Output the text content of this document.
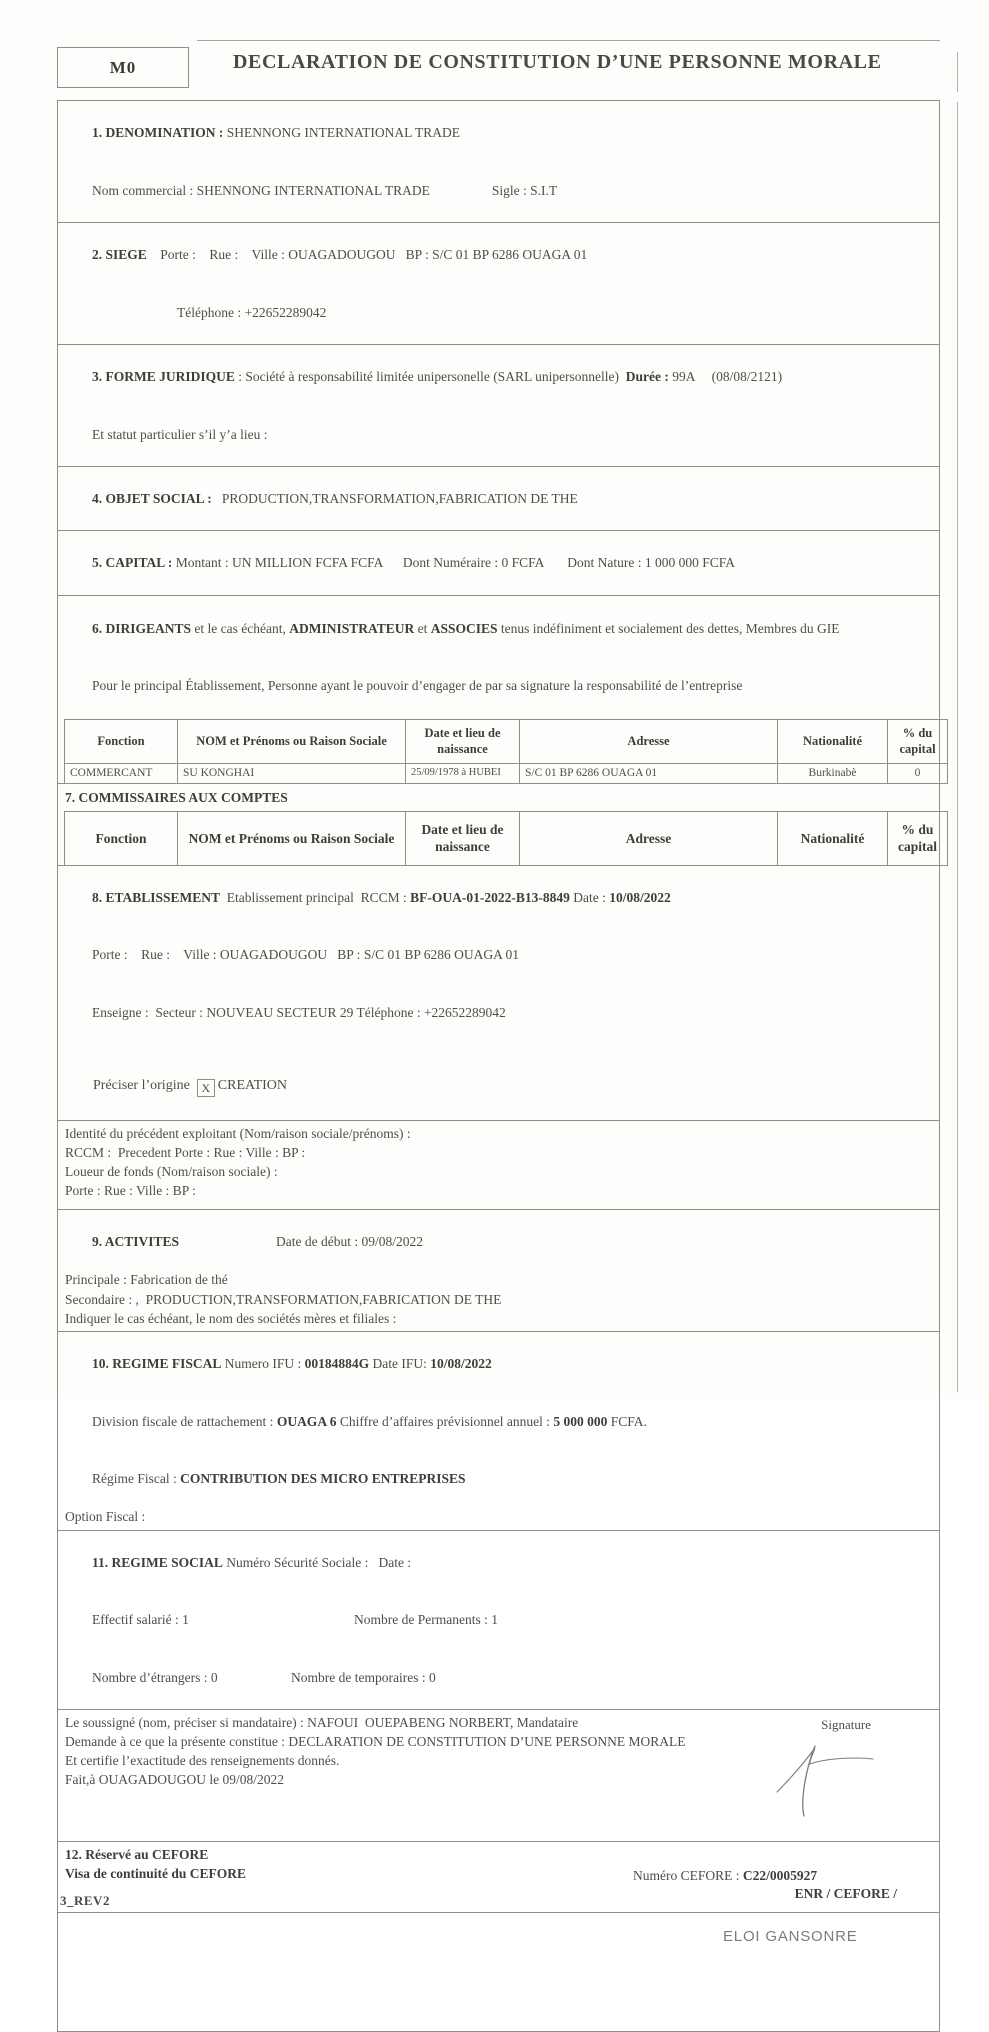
M0	DECLARATION DE CONSTITUTION D’UNE PERSONNE MORALE

1. DENOMINATION : SHENNONG INTERNATIONAL TRADE

Nom commercial : SHENNONG INTERNATIONAL TRADE	Sigle : S.I.T

2. SIEGE    Porte :    Rue :    Ville : OUAGADOUGOU   BP : S/C 01 BP 6286 OUAGA 01

Téléphone : +22652289042

3. FORME JURIDIQUE : Société à responsabilité limitée unipersonelle (SARL unipersonnelle)  Durée : 99A     (08/08/2121)

Et statut particulier s’il y’a lieu :

4. OBJET SOCIAL :   PRODUCTION,TRANSFORMATION,FABRICATION DE THE

5. CAPITAL : Montant : UN MILLION FCFA FCFA      Dont Numéraire : 0 FCFA       Dont Nature : 1 000 000 FCFA

6. DIRIGEANTS et le cas échéant, ADMINISTRATEUR et ASSOCIES tenus indéfiniment et socialement des dettes, Membres du GIE

Pour le principal Établissement, Personne ayant le pouvoir d’engager de par sa signature la responsabilité de l’entreprise

Fonction	NOM et Prénoms ou Raison Sociale	Date et lieu de naissance	Adresse	Nationalité	% du capital
COMMERCANT	SU KONGHAI	25/09/1978 à HUBEI	S/C 01 BP 6286 OUAGA 01	Burkinabè	0
7. COMMISSAIRES AUX COMPTES
Fonction	NOM et Prénoms ou Raison Sociale	Date et lieu de naissance	Adresse	Nationalité	% du capital

8. ETABLISSEMENT  Etablissement principal  RCCM : BF-OUA-01-2022-B13-8849 Date : 10/08/2022

Porte :    Rue :    Ville : OUAGADOUGOU   BP : S/C 01 BP 6286 OUAGA 01

Enseigne :  Secteur : NOUVEAU SECTEUR 29 Téléphone : +22652289042

Préciser l’origine X CREATION

Identité du précédent exploitant (Nom/raison sociale/prénoms) :
RCCM :  Precedent Porte : Rue : Ville : BP :
Loueur de fonds (Nom/raison sociale) :
Porte : Rue : Ville : BP :

9. ACTIVITES	Date de début : 09/08/2022

Principale : Fabrication de thé
Secondaire : ,  PRODUCTION,TRANSFORMATION,FABRICATION DE THE
Indiquer le cas échéant, le nom des sociétés mères et filiales :

10. REGIME FISCAL Numero IFU : 00184884G Date IFU: 10/08/2022

Division fiscale de rattachement : OUAGA 6 Chiffre d’affaires prévisionnel annuel : 5 000 000 FCFA.

Régime Fiscal : CONTRIBUTION DES MICRO ENTREPRISES

Option Fiscal :

11. REGIME SOCIAL Numéro Sécurité Sociale :   Date :

Effectif salarié : 1	Nombre de Permanents : 1

Nombre d’étrangers : 0	Nombre de temporaires : 0

Le soussigné (nom, préciser si mandataire) : NAFOUI  OUEPABENG NORBERT, Mandataire
Demande à ce que la présente constitue : DECLARATION DE CONSTITUTION D’UNE PERSONNE MORALE
Et certifie l’exactitude des renseignements donnés.
Fait,à OUAGADOUGOU le 09/08/2022
Signature
12. Réservé au CEFORE
Visa de continuité du CEFORE	Numéro CEFORE : C22/0005927

ENR / CEFORE /
3_REV2
ELOI GANSONRE
